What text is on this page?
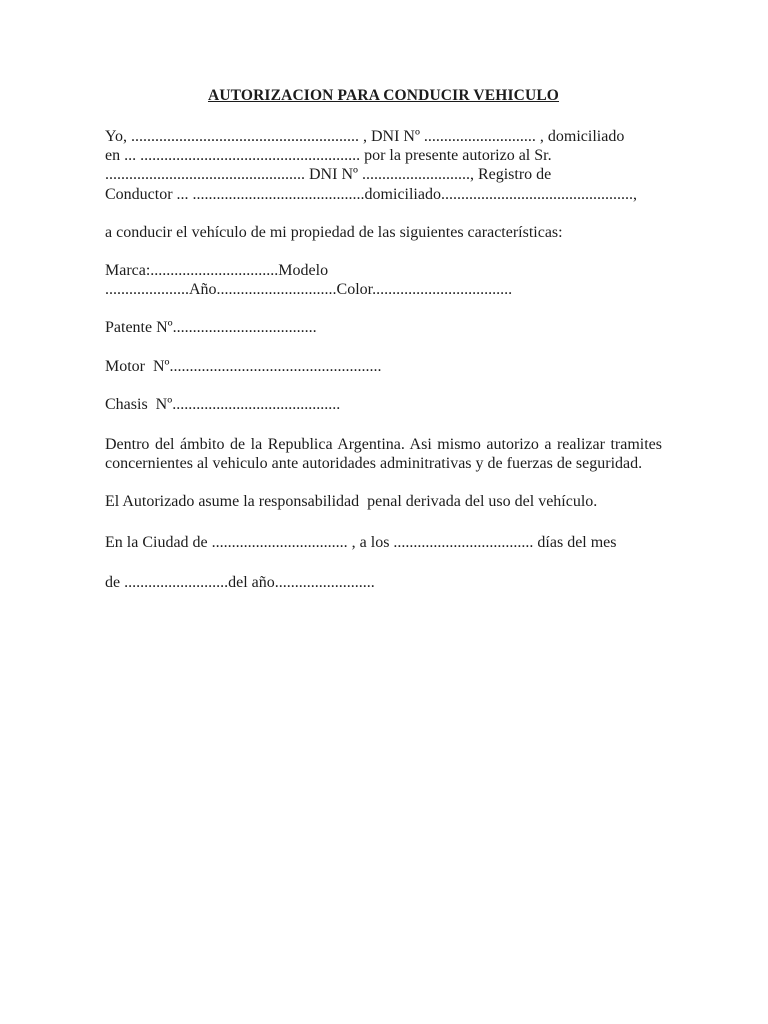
AUTORIZACION PARA CONDUCIR VEHICULO

Yo, ......................................................... , DNI Nº ............................ , domiciliado
en ... ....................................................... por la presente autorizo al Sr.
.................................................. DNI Nº ..........................., Registro de
Conductor ... ...........................................domiciliado................................................,

a conducir el vehículo de mi propiedad de las siguientes características:

Marca:................................Modelo
.....................Año..............................Color...................................

Patente Nº....................................

Motor  Nº.....................................................

Chasis  Nº..........................................

Dentro del ámbito de la Republica Argentina. Asi mismo autorizo a realizar tramites concernientes al vehiculo ante autoridades adminitrativas y de fuerzas de seguridad.

El Autorizado asume la responsabilidad  penal derivada del uso del vehículo.

En la Ciudad de .................................. , a los ................................... días del mes

de ..........................del año.........................
